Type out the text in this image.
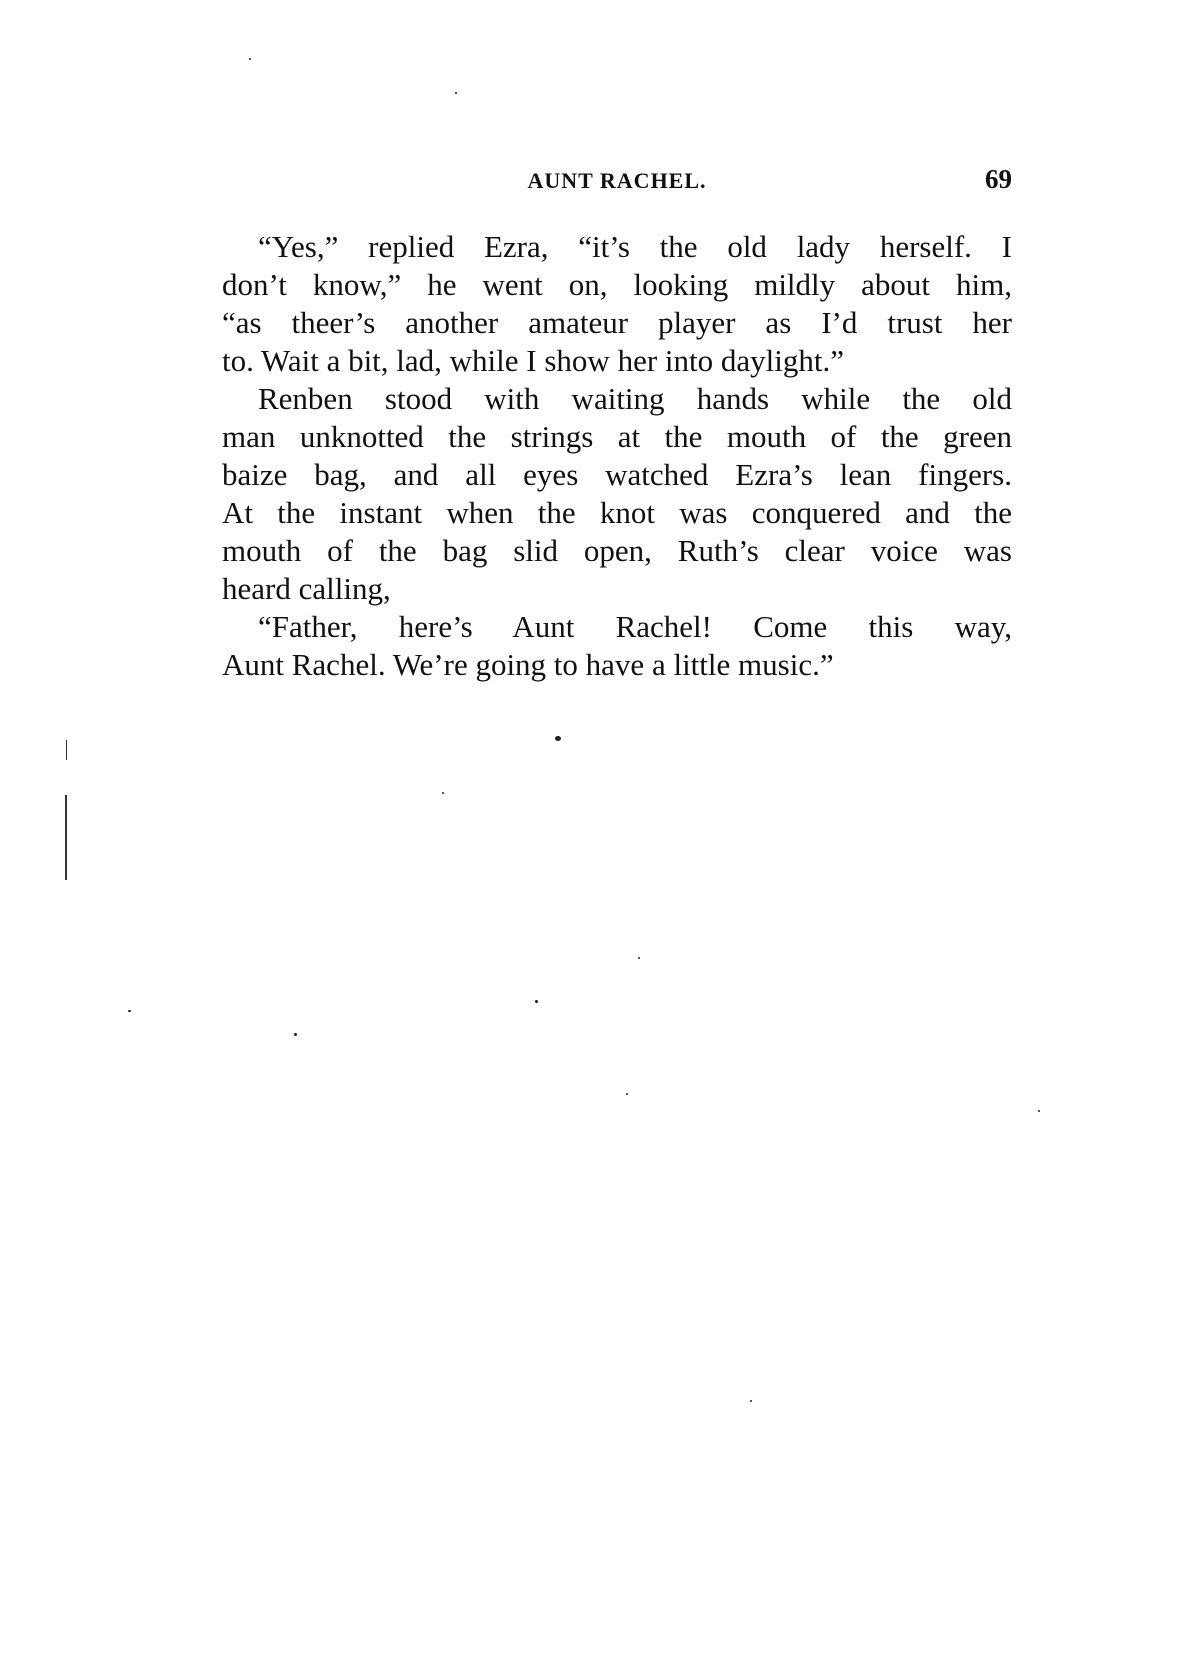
AUNT RACHEL.	69
“Yes,” replied Ezra, “it’s the old lady herself. I
don’t know,” he went on, looking mildly about him,
“as theer’s another amateur player as I’d trust her
to. Wait a bit, lad, while I show her into daylight.”
Renben stood with waiting hands while the old
man unknotted the strings at the mouth of the green
baize bag, and all eyes watched Ezra’s lean fingers.
At the instant when the knot was conquered and the
mouth of the bag slid open, Ruth’s clear voice was
heard calling,
“Father, here’s Aunt Rachel! Come this way,
Aunt Rachel. We’re going to have a little music.”
